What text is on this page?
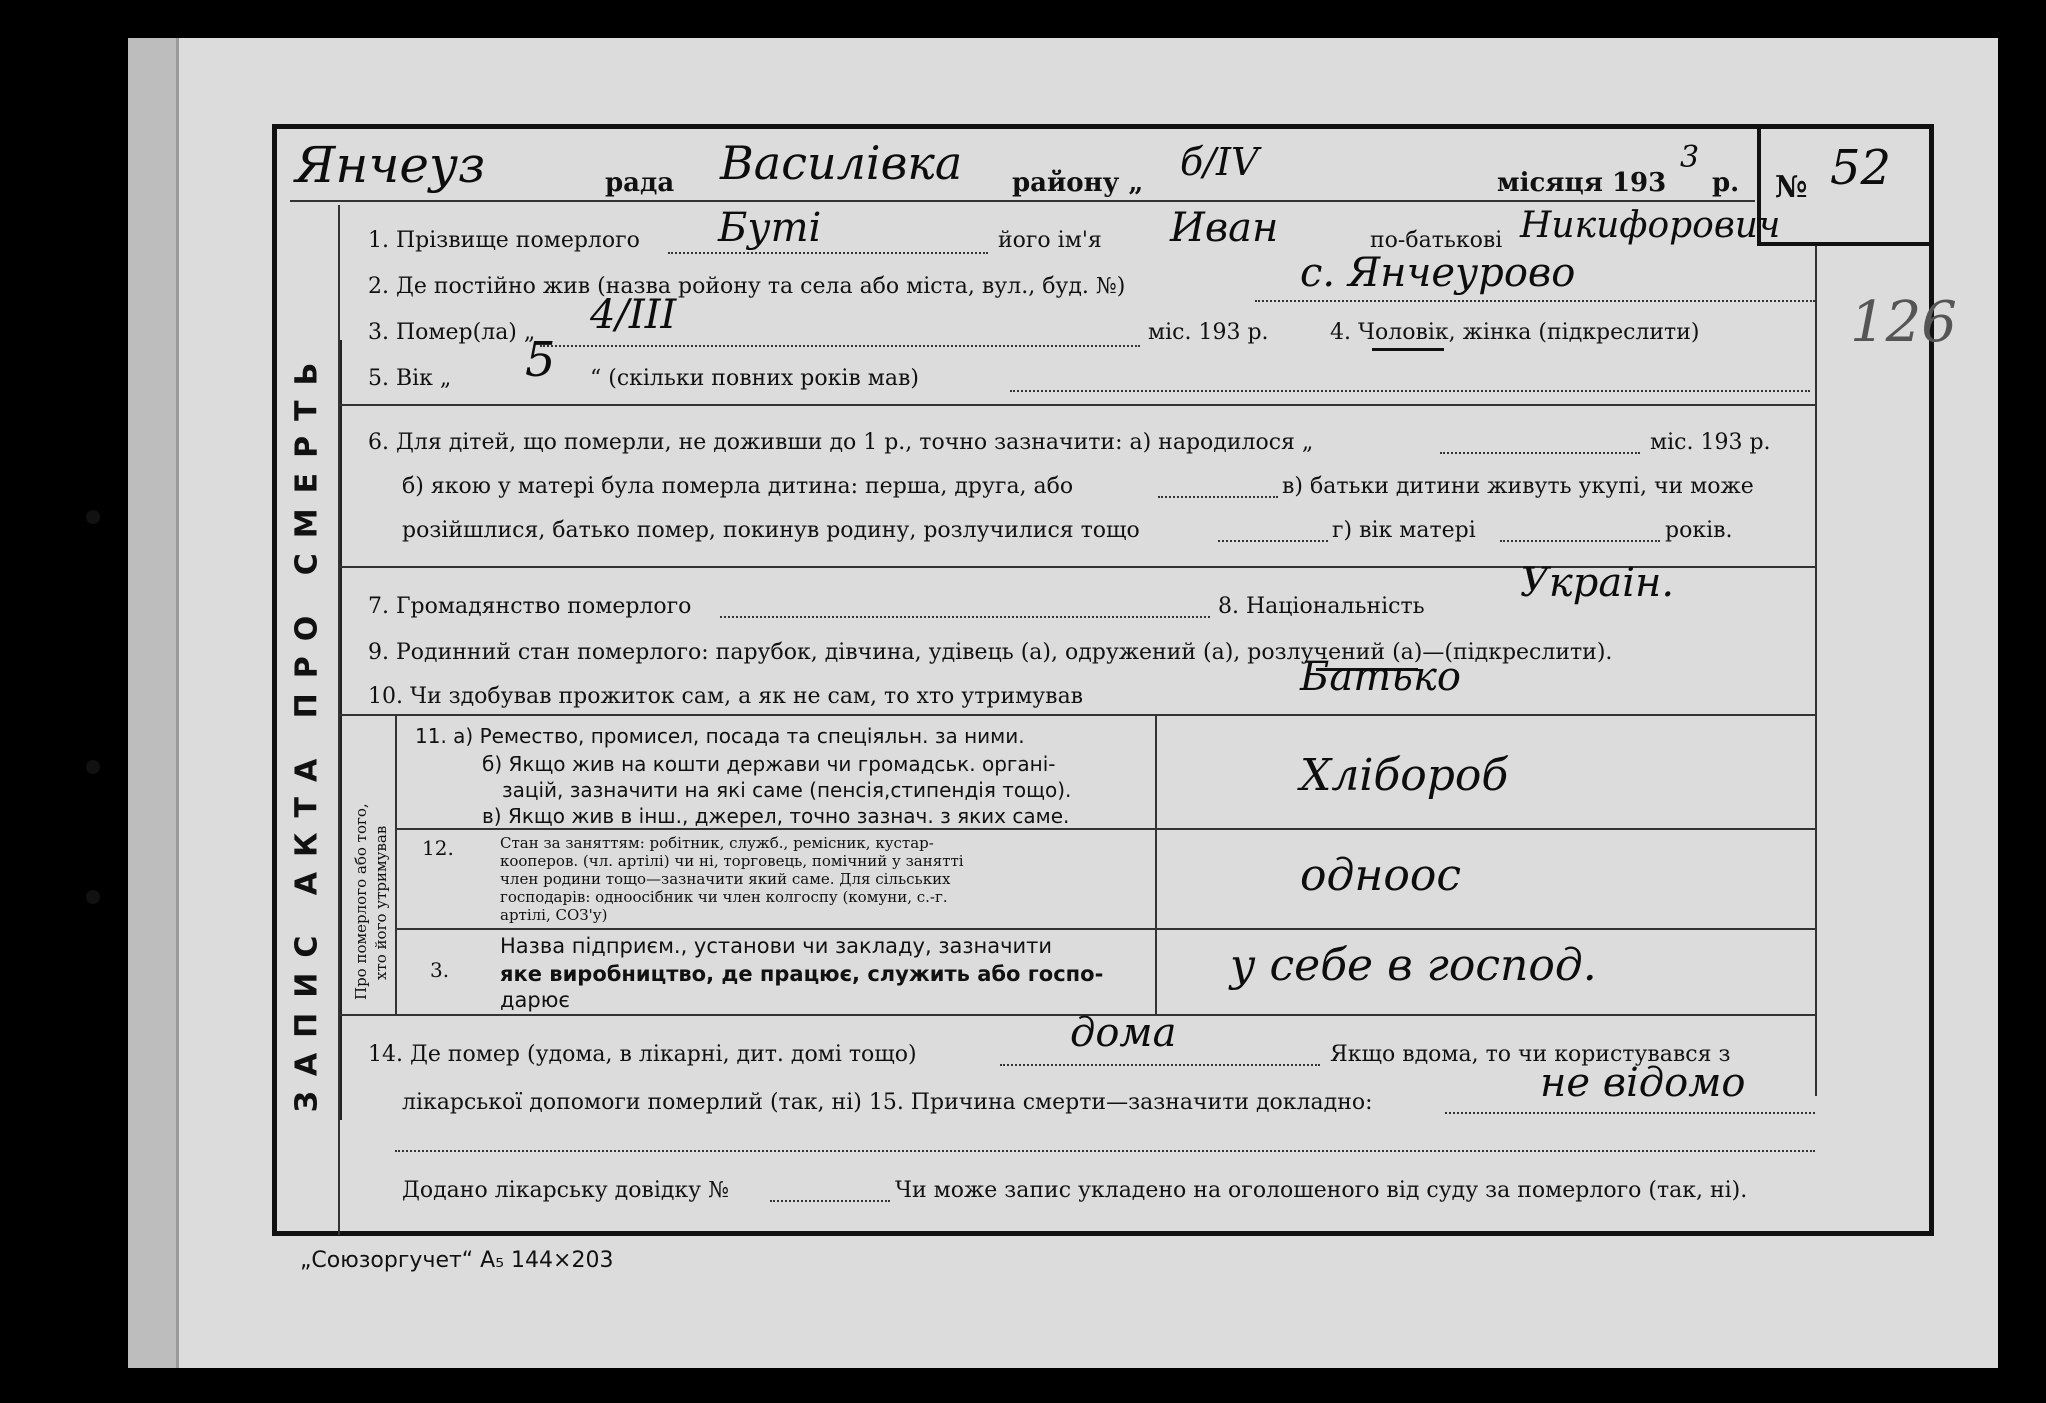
Янчеуз	рада Василівка району „ б/ІV	місяця 193
3
р. № 52
126
ЗАПИС АКТА ПРО СМЕРТЬ
1. Прізвище померлого Буті	його ім'я Иван	по-батькові Никифорович
2. Де постійно жив (назва ройону та села або міста, вул., буд. №)	с. Янчеурово
3. Помер(ла) „ 4/ІІІ	міс. 193 р.	4. Чоловік, жінка (підкреслити)
5. Вік „ 5 “ (скільки повних років мав)
6. Для дітей, що померли, не доживши до 1 р., точно зазначити: а) народилося „	міс. 193 р.
б) якою у матері була померла дитина: перша, друга, або	в) батьки дитини живуть укупі, чи може
розійшлися, батько помер, покинув родину, розлучилися тощо	г) вік матері	років.
7. Громадянство померлого	8. Національність
Украін.
9. Родинний стан померлого: парубок, дівчина, удівець (а), одружений (а), розлучений (а)—(підкреслити).
10. Чи здобував прожиток сам, а як не сам, то хто утримував	Батько
Про померлого або того, хто його утримував
11. а) Ремество, промисел, посада та спеціяльн. за ними.
б) Якщо жив на кошти держави чи громадськ. органі-
зацій, зазначити на які саме (пенсія,стипендія тощо).
в) Якщо жив в інш., джерел, точно зазнач. з яких саме.
Хлібороб
12.	Стан за заняттям: робітник, служб., ремісник, кустар-
кооперов. (чл. артілі) чи ні, торговець, помічний у занятті
член родини тощо—зазначити який саме. Для сільських
господарів: одноосібник чи член колгоспу (комуни, с.-г.
артілі, СОЗ'у)
одноос
3.
Назва підприєм., установи чи закладу, зазначити
яке виробництво, де працює, служить або госпо-
дарює
у себе в господ.
14. Де помер (удома, в лікарні, дит. домі тощо)	дома	Якщо вдома, то чи користувався з
лікарської допомоги померлий (так, ні) 15. Причина смерти—зазначити докладно:	не відомо
Додано лікарську довідку №	Чи може запис укладено на оголошеного від суду за померлого (так, ні).
„Союзоргучет“ А₅ 144×203
